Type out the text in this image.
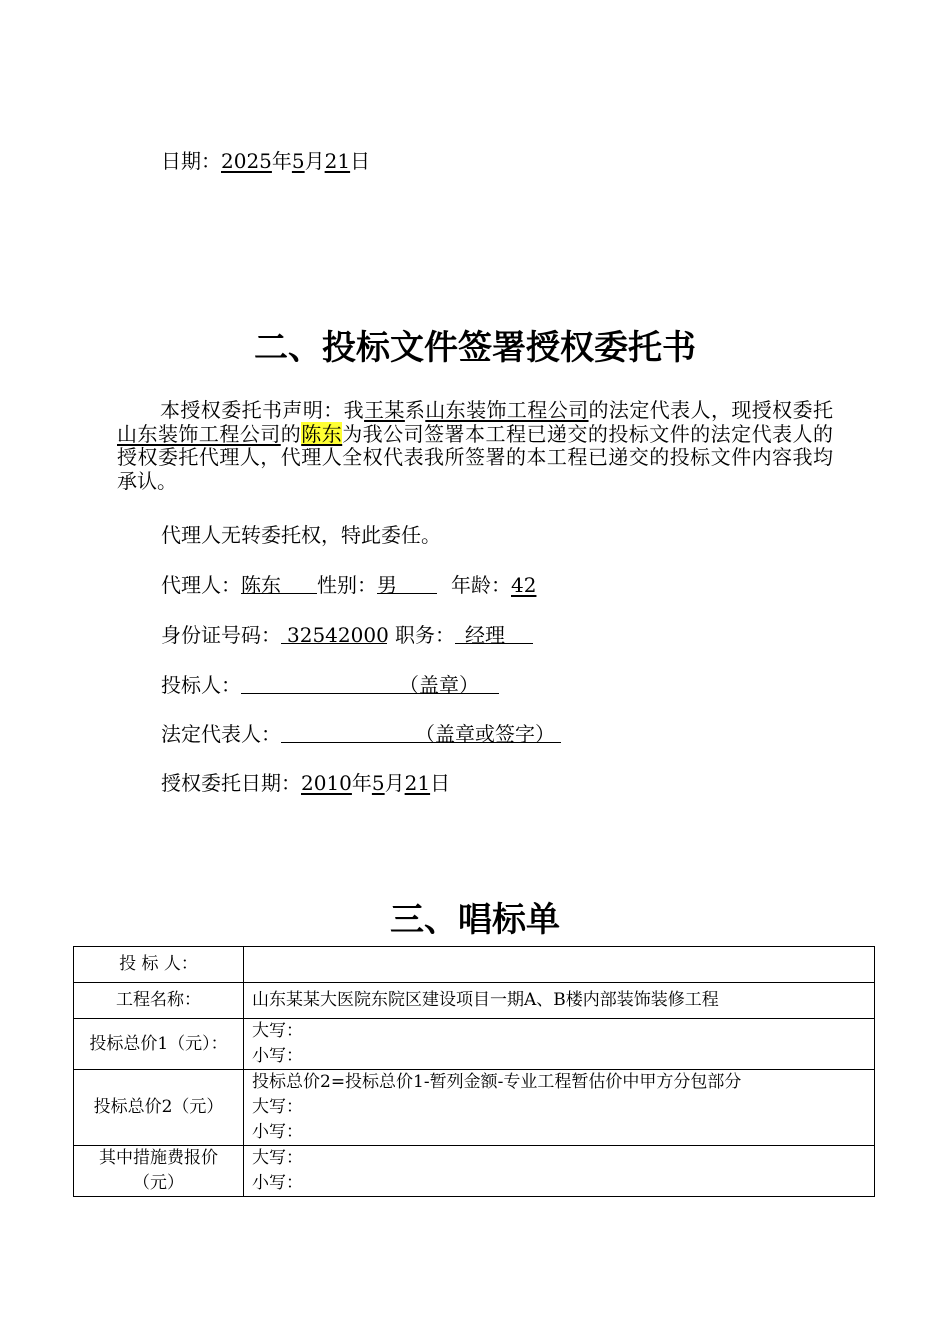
日期：2025年5月21日
二、投标文件签署授权委托书
本授权委托书声明：我王某系山东装饰工程公司的法定代表人，现授权委托山东装饰工程公司的陈东为我公司签署本工程已递交的投标文件的法定代表人的授权委托代理人，代理人全权代表我所签署的本工程已递交的投标文件内容我均承认。
代理人无转委托权，特此委任。
代理人：陈东 性别：男	年龄：42
身份证号码： 32542000 职务： 经理
投标人：	（盖章）
法定代表人：	（盖章或签字）
授权委托日期：2010年5月21日
三、唱标单
投 标 人：	

工程名称：	山东某某大医院东院区建设项目一期A、B楼内部装饰装修工程

投标总价1（元）：	大写：
小写：

投标总价2（元）	投标总价2=投标总价1-暂列金额-专业工程暂估价中甲方分包部分
大写：
小写：

其中措施费报价（元）	大写：
小写：
